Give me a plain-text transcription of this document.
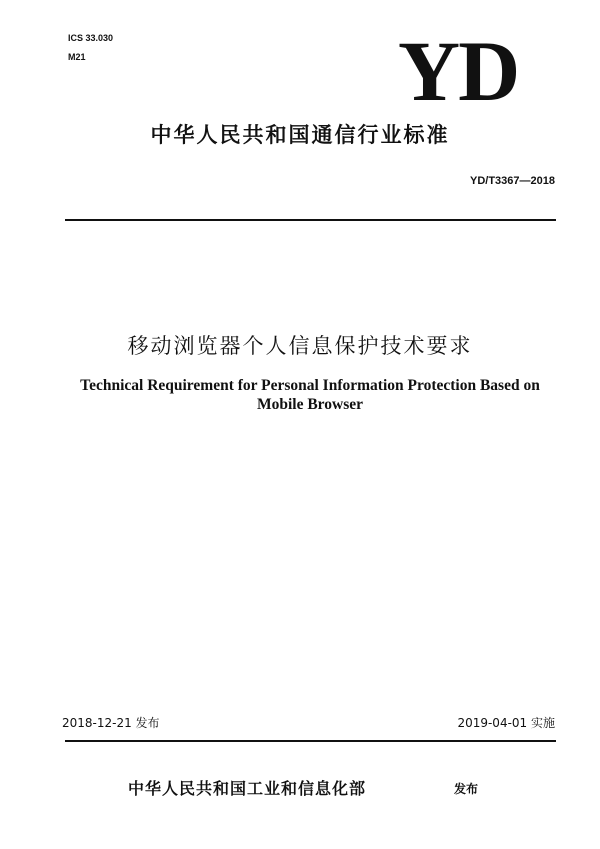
ICS 33.030
M21	YD
中华人民共和国通信行业标准
YD/T3367—2018
移动浏览器个人信息保护技术要求
Technical Requirement for Personal Information Protection Based on Mobile Browser
2018-12-21 发布	2019-04-01 实施
中华人民共和国工业和信息化部	发布
